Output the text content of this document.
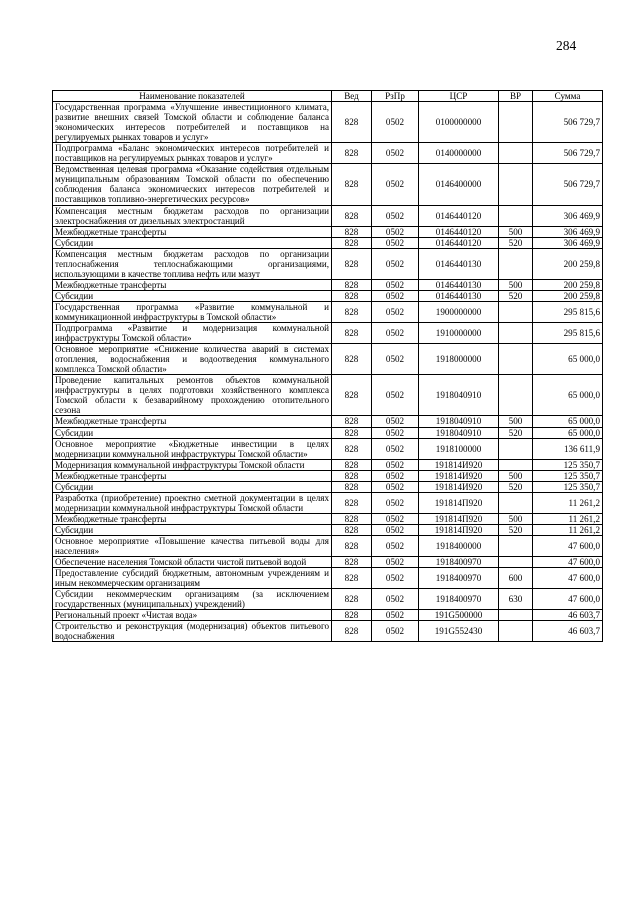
284
Наименование показателей	Вед	РзПр	ЦСР	ВР	Сумма
Государственная программа «Улучшение инвестиционного климата, развитие внешних связей Томской области и соблюдение баланса экономических интересов потребителей и поставщиков на регулируемых рынках товаров и услуг»	828	0502	0100000000		506 729,7
Подпрограмма «Баланс экономических интересов потребителей и поставщиков на регулируемых рынках товаров и услуг»	828	0502	0140000000		506 729,7
Ведомственная целевая программа «Оказание содействия отдельным муниципальным образованиям Томской области по обеспечению соблюдения баланса экономических интересов потребителей и поставщиков топливно-энергетических ресурсов»	828	0502	0146400000		506 729,7
Компенсация местным бюджетам расходов по организации электроснабжения от дизельных электростанций	828	0502	0146440120		306 469,9
Межбюджетные трансферты	828	0502	0146440120	500	306 469,9
Субсидии	828	0502	0146440120	520	306 469,9
Компенсация местным бюджетам расходов по организации теплоснабжения теплоснабжающими организациями, использующими в качестве топлива нефть или мазут	828	0502	0146440130		200 259,8
Межбюджетные трансферты	828	0502	0146440130	500	200 259,8
Субсидии	828	0502	0146440130	520	200 259,8
Государственная программа «Развитие коммунальной и коммуникационной инфраструктуры в Томской области»	828	0502	1900000000		295 815,6
Подпрограмма «Развитие и модернизация коммунальной инфраструктуры Томской области»	828	0502	1910000000		295 815,6
Основное мероприятие «Снижение количества аварий в системах отопления, водоснабжения и водоотведения коммунального комплекса Томской области»	828	0502	1918000000		65 000,0
Проведение капитальных ремонтов объектов коммунальной инфраструктуры в целях подготовки хозяйственного комплекса Томской области к безаварийному прохождению отопительного сезона	828	0502	1918040910		65 000,0
Межбюджетные трансферты	828	0502	1918040910	500	65 000,0
Субсидии	828	0502	1918040910	520	65 000,0
Основное мероприятие «Бюджетные инвестиции в целях модернизации коммунальной инфраструктуры Томской области»	828	0502	1918100000		136 611,9
Модернизация коммунальной инфраструктуры Томской области	828	0502	191814И920		125 350,7
Межбюджетные трансферты	828	0502	191814И920	500	125 350,7
Субсидии	828	0502	191814И920	520	125 350,7
Разработка (приобретение) проектно сметной документации в целях модернизации коммунальной инфраструктуры Томской области	828	0502	191814П920		11 261,2
Межбюджетные трансферты	828	0502	191814П920	500	11 261,2
Субсидии	828	0502	191814П920	520	11 261,2
Основное мероприятие «Повышение качества питьевой воды для населения»	828	0502	1918400000		47 600,0
Обеспечение населения Томской области чистой питьевой водой	828	0502	1918400970		47 600,0
Предоставление субсидий бюджетным, автономным учреждениям и иным некоммерческим организациям	828	0502	1918400970	600	47 600,0
Субсидии некоммерческим организациям (за исключением государственных (муниципальных) учреждений)	828	0502	1918400970	630	47 600,0
Региональный проект «Чистая вода»	828	0502	191G500000		46 603,7
Строительство и реконструкция (модернизация) объектов питьевого водоснабжения	828	0502	191G552430		46 603,7
